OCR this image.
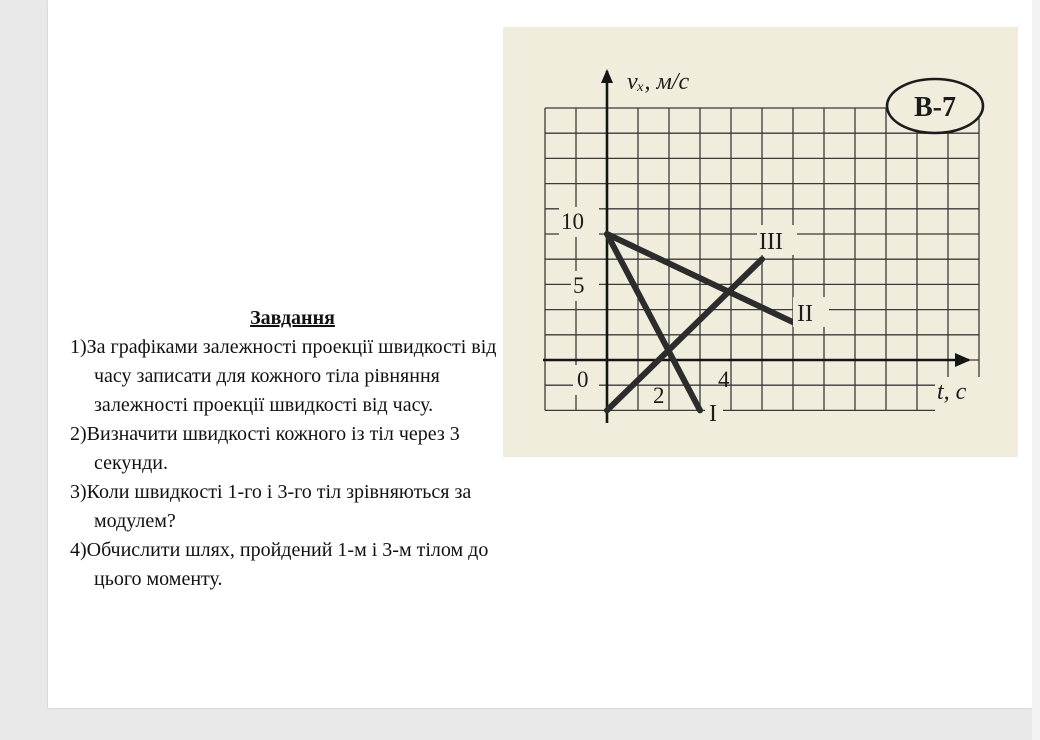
Завдання
1)За графіками залежності проекції швидкості від часу записати для кожного тіла рівняння залежності проекції швидкості від часу.
2)Визначити швидкості кожного із тіл через 3 секунди.
3)Коли швидкості 1-го і 3-го тіл зрівняються за модулем?
4)Обчислити шлях, пройдений 1-м і 3-м тілом до цього моменту.
vₓ, м/с
t, с
10
5
0
2
4
I
II
III
В-7
